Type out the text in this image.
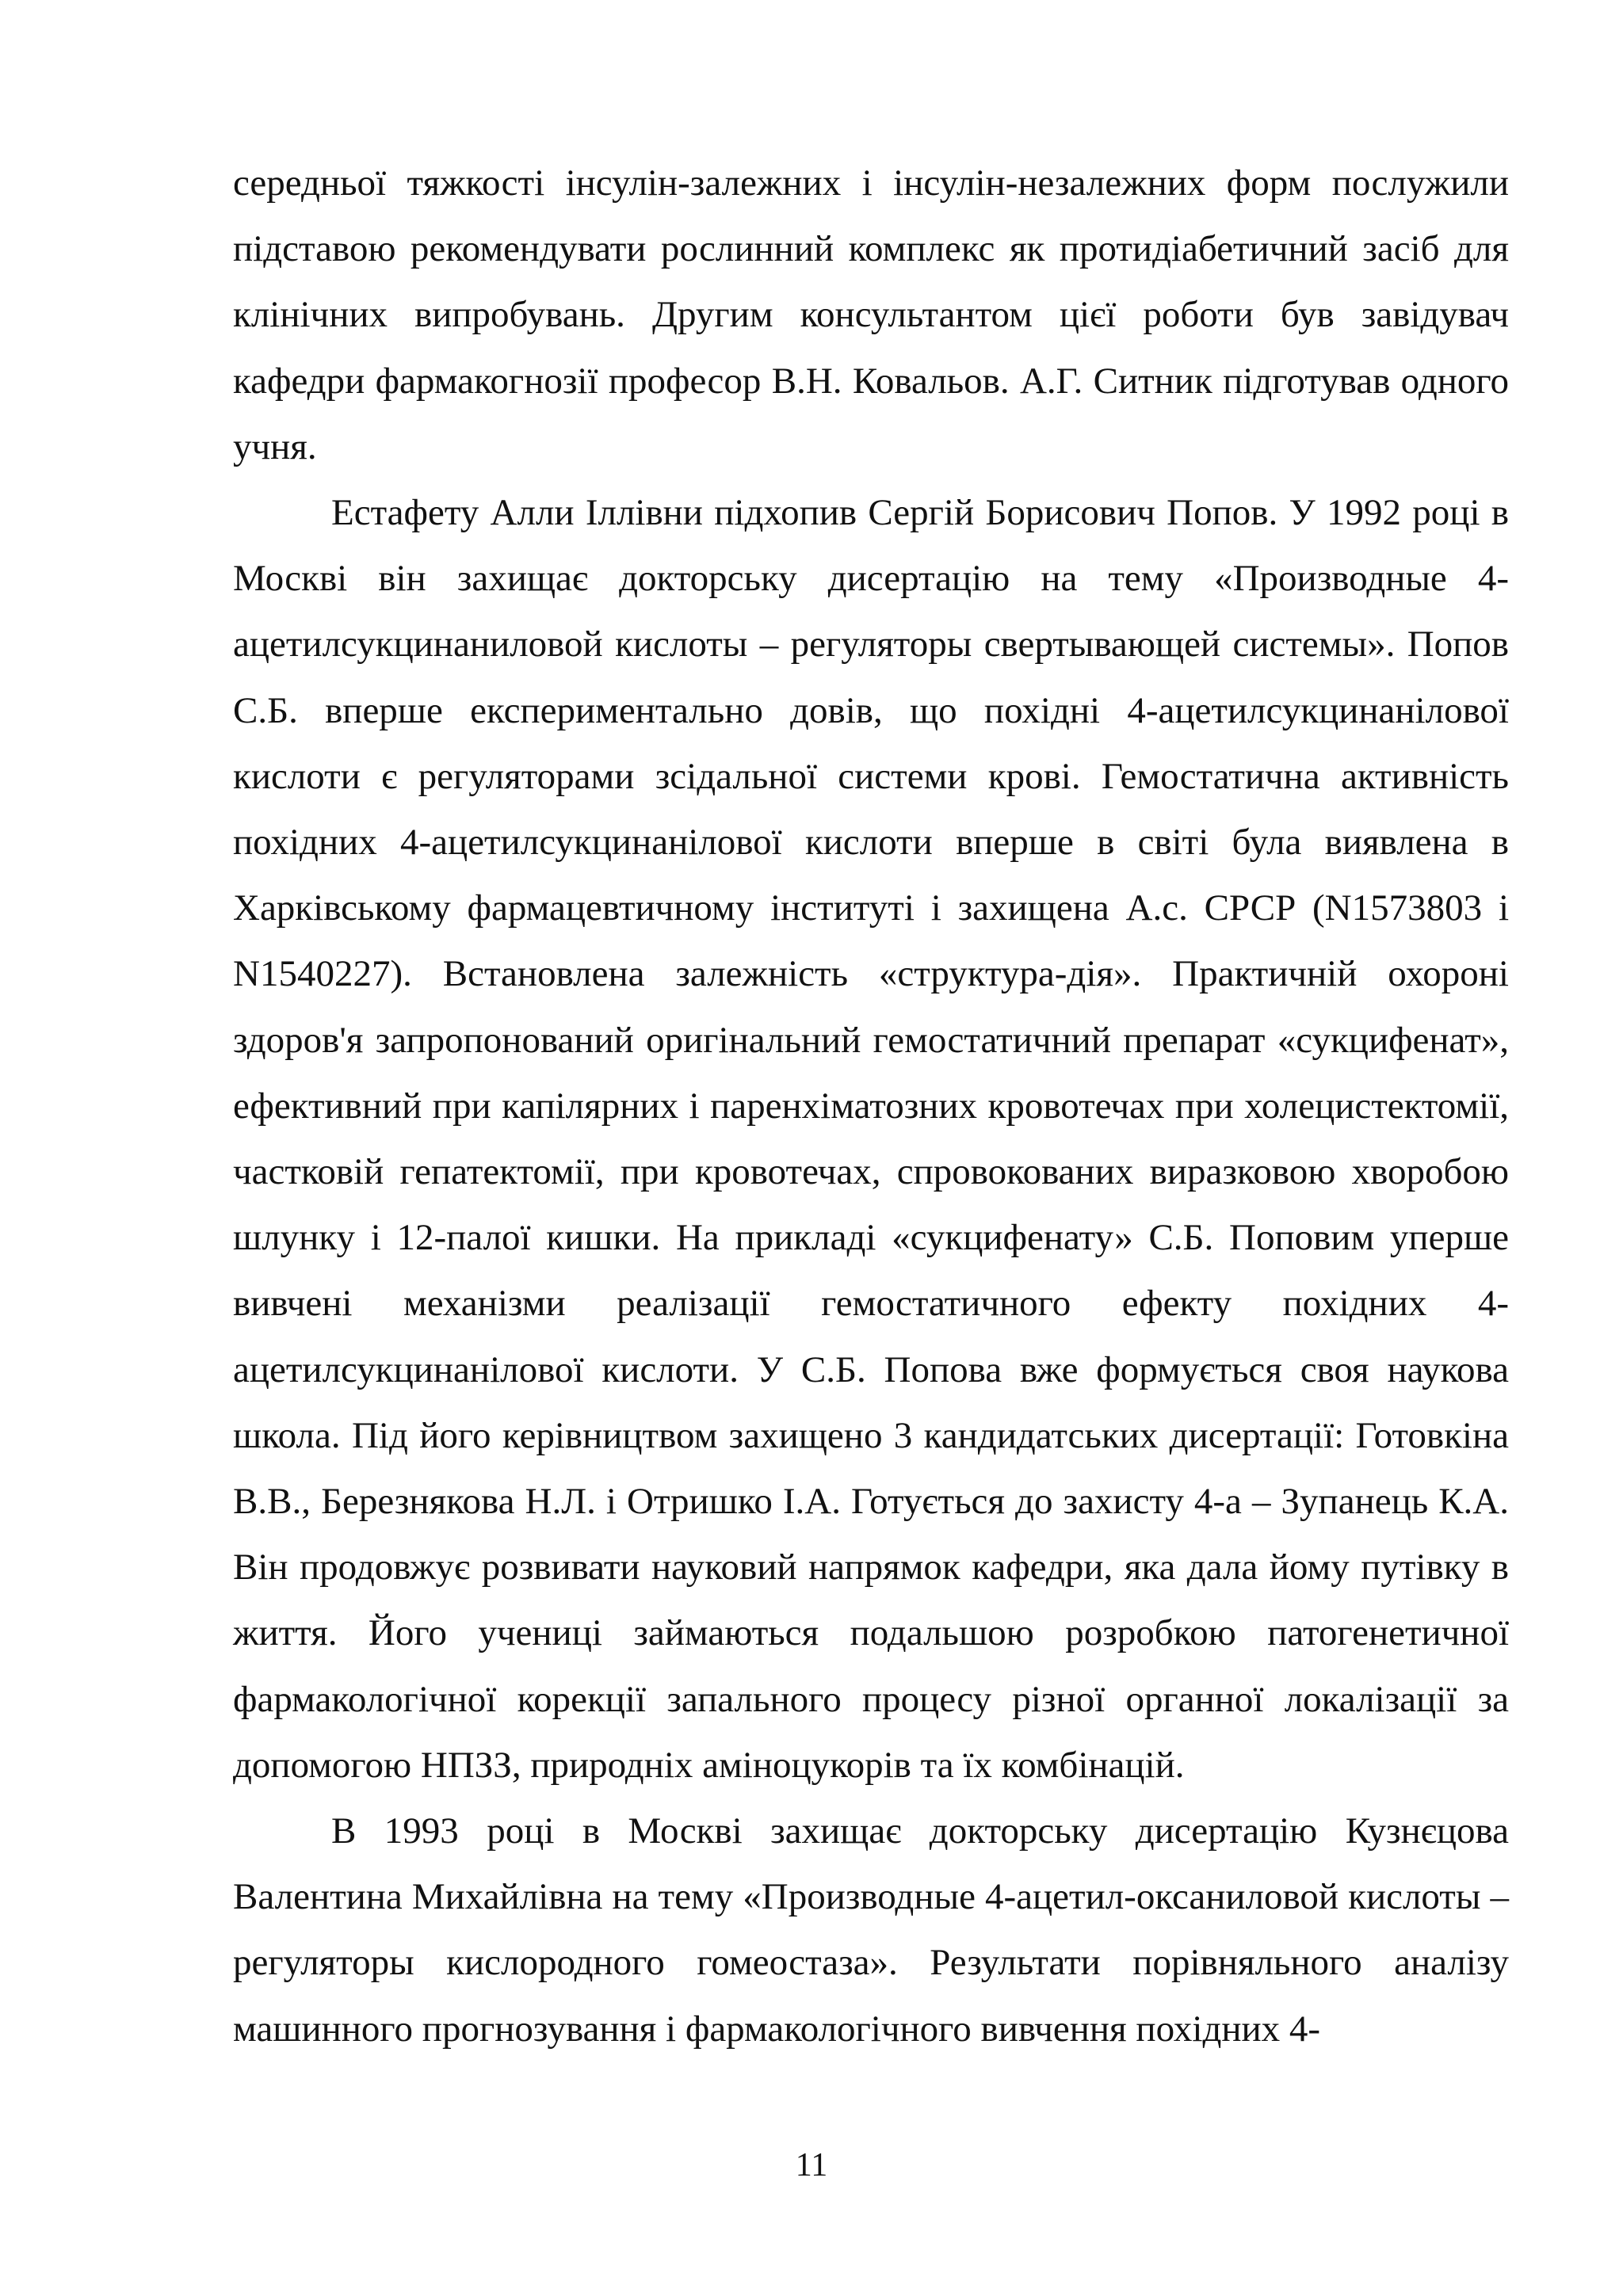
середньої тяжкості інсулін-залежних і інсулін-незалежних форм послужили підставою рекомендувати рослинний комплекс як протидіабетичний засіб для клінічних випробувань. Другим консультантом цієї роботи був завідувач кафедри фармакогнозії професор В.Н. Ковальов. А.Г. Ситник підготував одного учня.

Естафету Алли Іллівни підхопив Сергій Борисович Попов. У 1992 році в Москві він захищає докторську дисертацію на тему «Производные 4-ацетилсукцинаниловой кислоты – регуляторы свертывающей системы». Попов С.Б. вперше експериментально довів, що похідні 4-ацетилсукцинанілової кислоти є регуляторами зсідальної системи крові. Гемостатична активність похідних 4-ацетилсукцинанілової кислоти вперше в світі була виявлена в Харківському фармацевтичному інституті і захищена А.с. СРСР (N1573803 і N1540227). Встановлена залежність «структура-дія». Практичній охороні здоров'я запропонований оригінальний гемостатичний препарат «сукцифенат», ефективний при капілярних і паренхіматозних кровотечах при холецистектомії, частковій гепатектомії, при кровотечах, спровокованих виразковою хворобою шлунку і 12-палої кишки. На прикладі «сукцифенату» С.Б. Поповим уперше вивчені механізми реалізації гемостатичного ефекту похідних 4-ацетилсукцинанілової кислоти. У С.Б. Попова вже формується своя наукова школа. Під його керівництвом захищено 3 кандидатських дисертації: Готовкіна В.В., Березнякова Н.Л. і Отришко І.А. Готується до захисту 4-а – Зупанець К.А. Він продовжує розвивати науковий напрямок кафедри, яка дала йому путівку в життя. Його учениці займаються подальшою розробкою патогенетичної фармакологічної корекції запального процесу різної органної локалізації за допомогою НПЗЗ, природніх аміноцукорів та їх комбінацій.

В 1993 році в Москві захищає докторську дисертацію Кузнєцова Валентина Михайлівна на тему «Производные 4-ацетил-оксаниловой кислоты – регуляторы кислородного гомеостаза». Результати порівняльного аналізу машинного прогнозування і фармакологічного вивчення похідних 4-

11
